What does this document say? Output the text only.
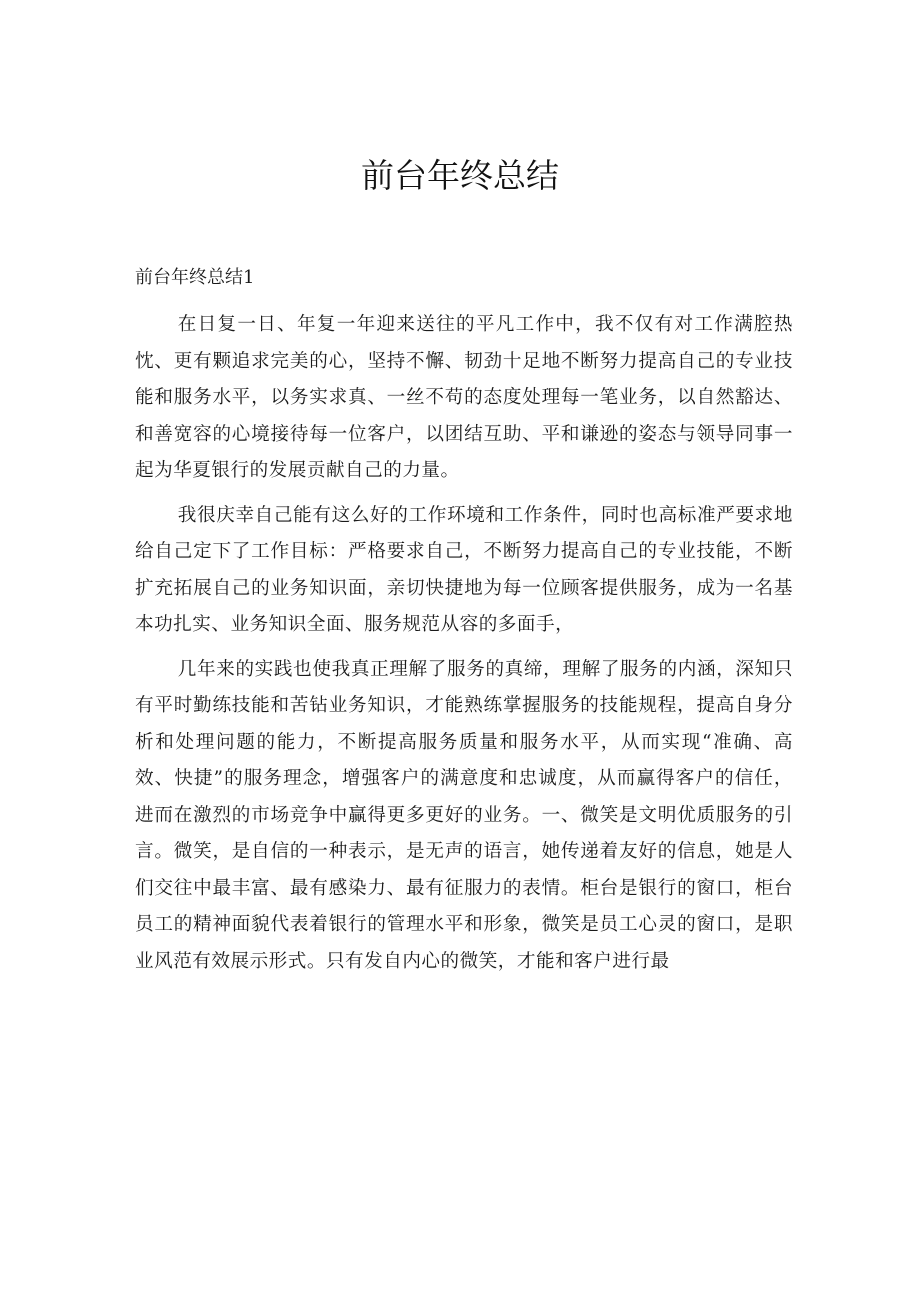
前台年终总结
前台年终总结1

在日复一日、年复一年迎来送往的平凡工作中，我不仅有对工作满腔热忱、更有颗追求完美的心，坚持不懈、韧劲十足地不断努力提高自己的专业技能和服务水平，以务实求真、一丝不苟的态度处理每一笔业务，以自然豁达、和善宽容的心境接待每一位客户，以团结互助、平和谦逊的姿态与领导同事一起为华夏银行的发展贡献自己的力量。

我很庆幸自己能有这么好的工作环境和工作条件，同时也高标准严要求地给自己定下了工作目标：严格要求自己，不断努力提高自己的专业技能，不断扩充拓展自己的业务知识面，亲切快捷地为每一位顾客提供服务，成为一名基本功扎实、业务知识全面、服务规范从容的多面手，

几年来的实践也使我真正理解了服务的真缔，理解了服务的内涵，深知只有平时勤练技能和苦钻业务知识，才能熟练掌握服务的技能规程，提高自身分析和处理问题的能力，不断提高服务质量和服务水平，从而实现“准确、高效、快捷”的服务理念，增强客户的满意度和忠诚度，从而赢得客户的信任，进而在激烈的市场竞争中赢得更多更好的业务。一、微笑是文明优质服务的引言。微笑，是自信的一种表示，是无声的语言，她传递着友好的信息，她是人们交往中最丰富、最有感染力、最有征服力的表情。柜台是银行的窗口，柜台员工的精神面貌代表着银行的管理水平和形象，微笑是员工心灵的窗口，是职业风范有效展示形式。只有发自内心的微笑，才能和客户进行最
